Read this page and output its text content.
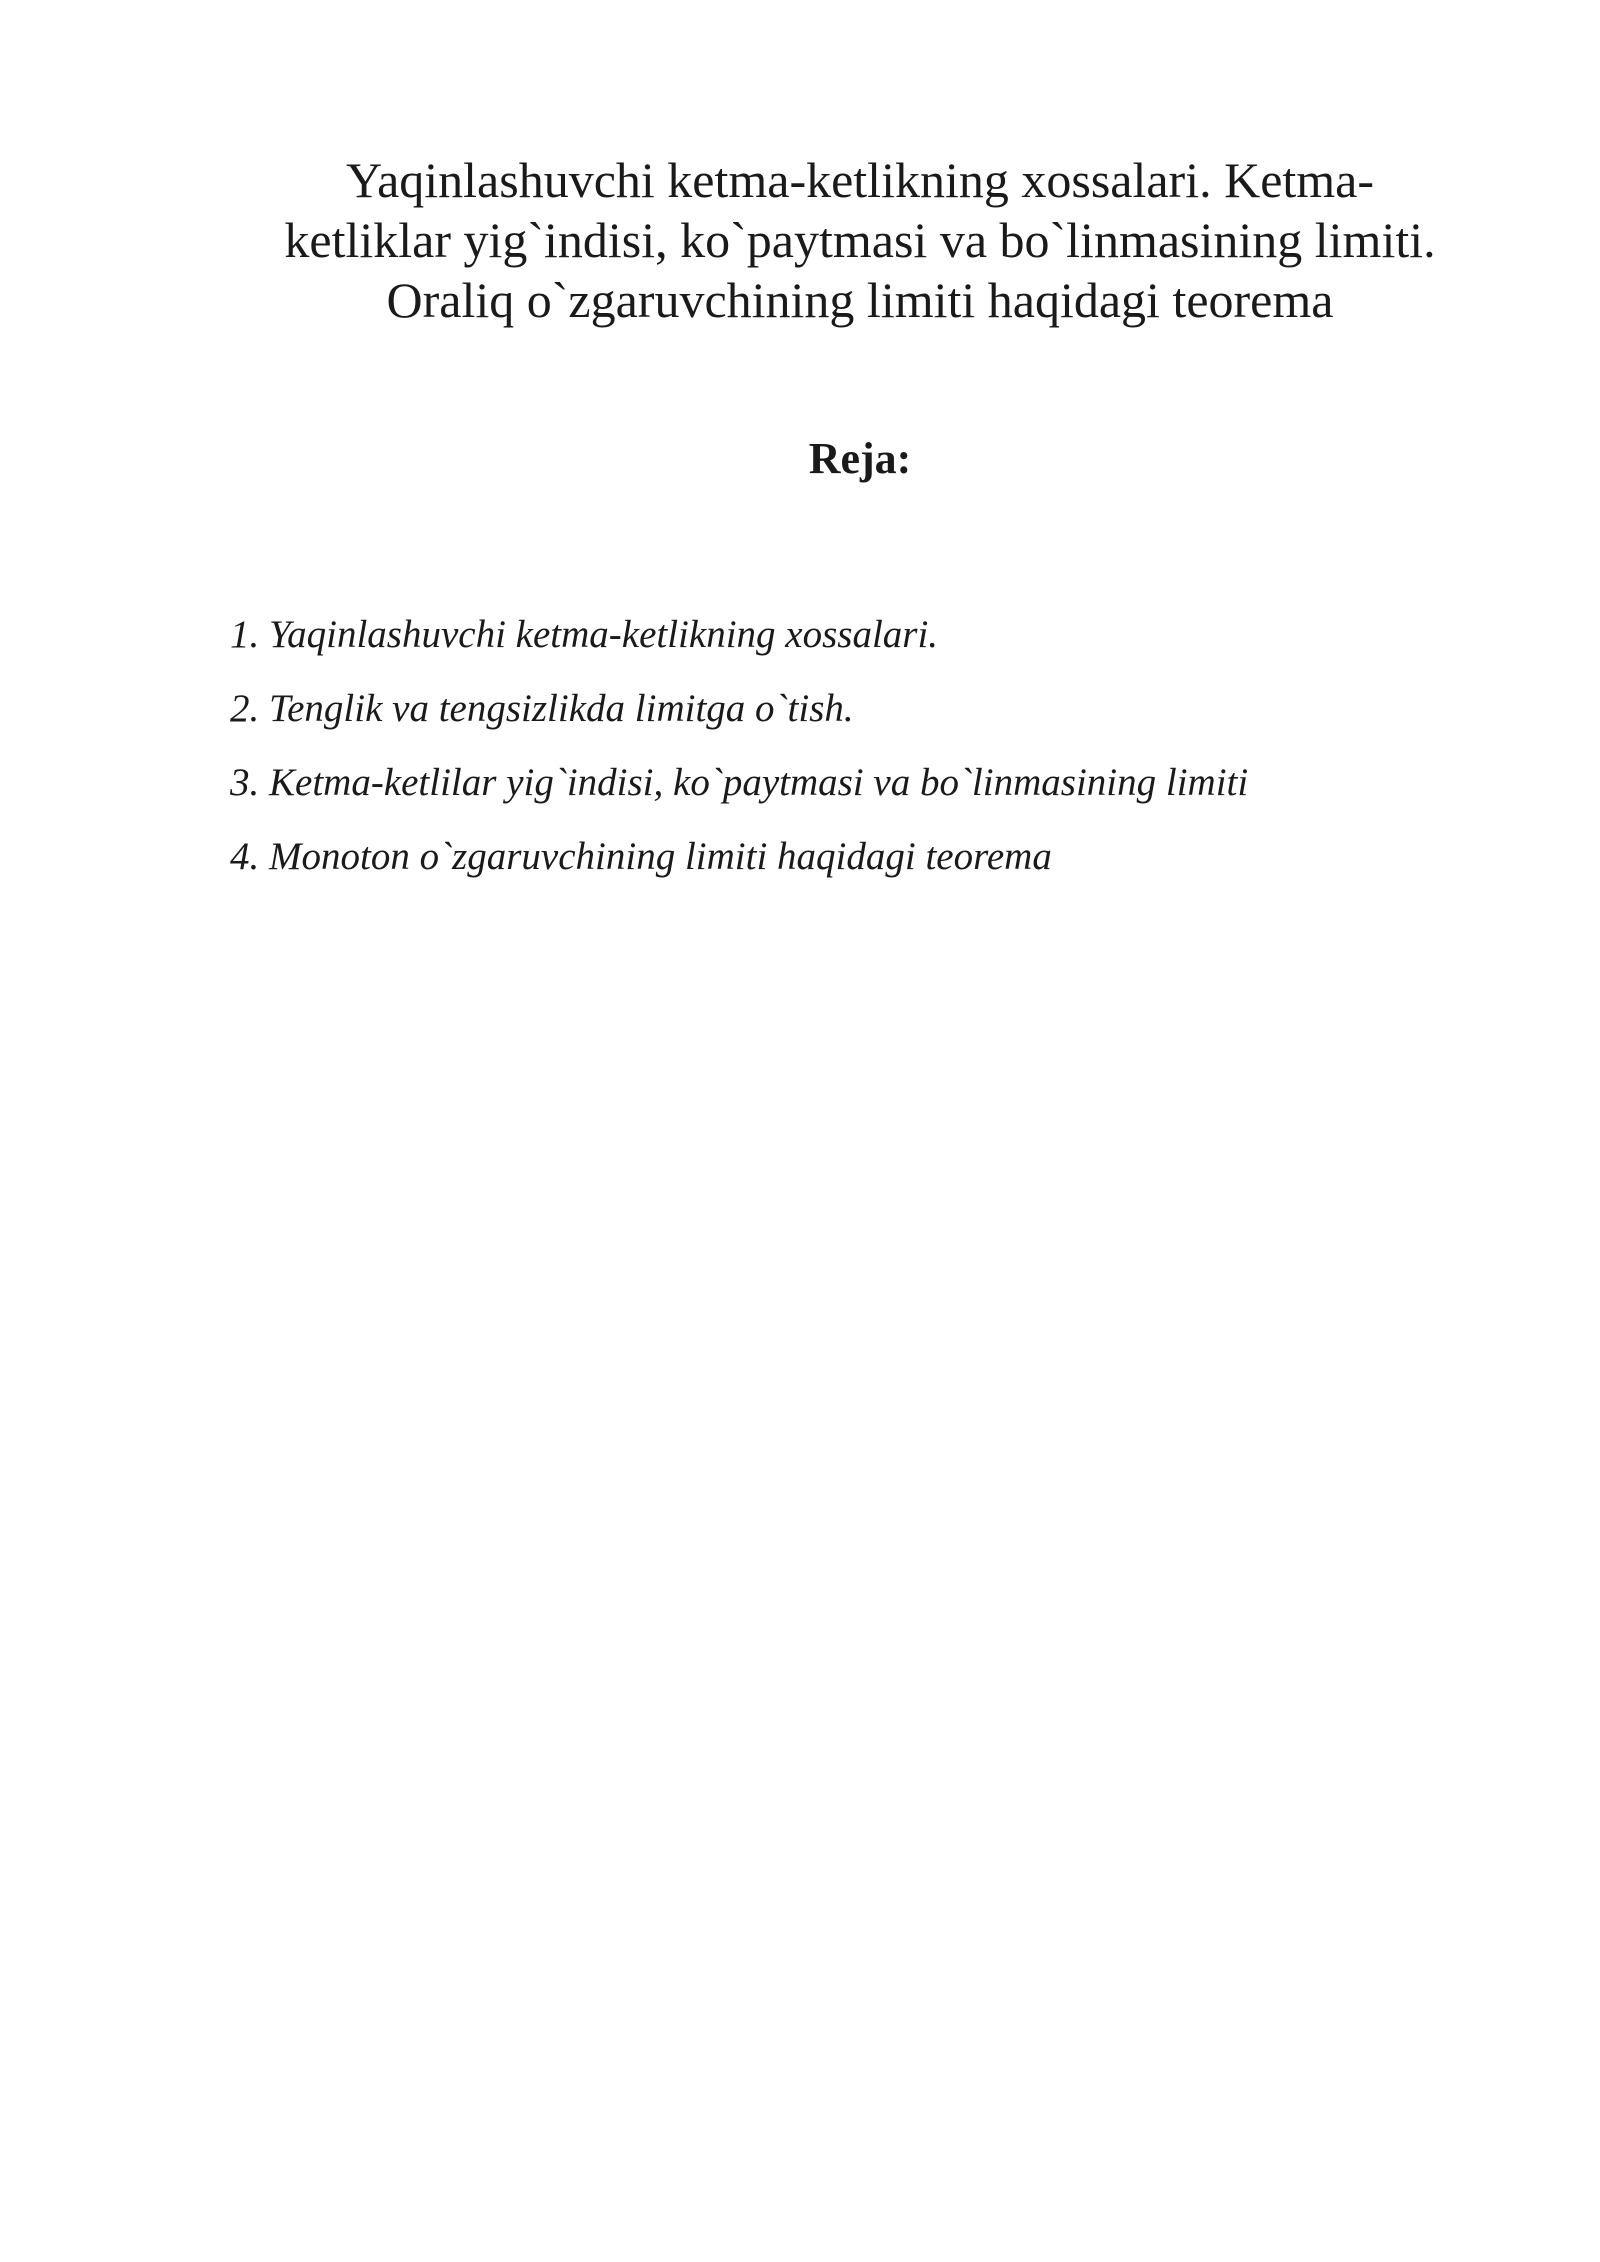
Yaqinlashuvchi ketma-ketlikning xossalari. Ketma-
ketliklar yig`indisi, ko`paytmasi va bo`linmasining limiti.
Oraliq o`zgaruvchining limiti haqidagi teorema
Reja:
1. Yaqinlashuvchi ketma-ketlikning xossalari.
2. Tenglik va tengsizlikda limitga o`tish.
3. Ketma-ketlilar yig`indisi, ko`paytmasi va bo`linmasining limiti
4. Monoton o`zgaruvchining limiti haqidagi teorema
